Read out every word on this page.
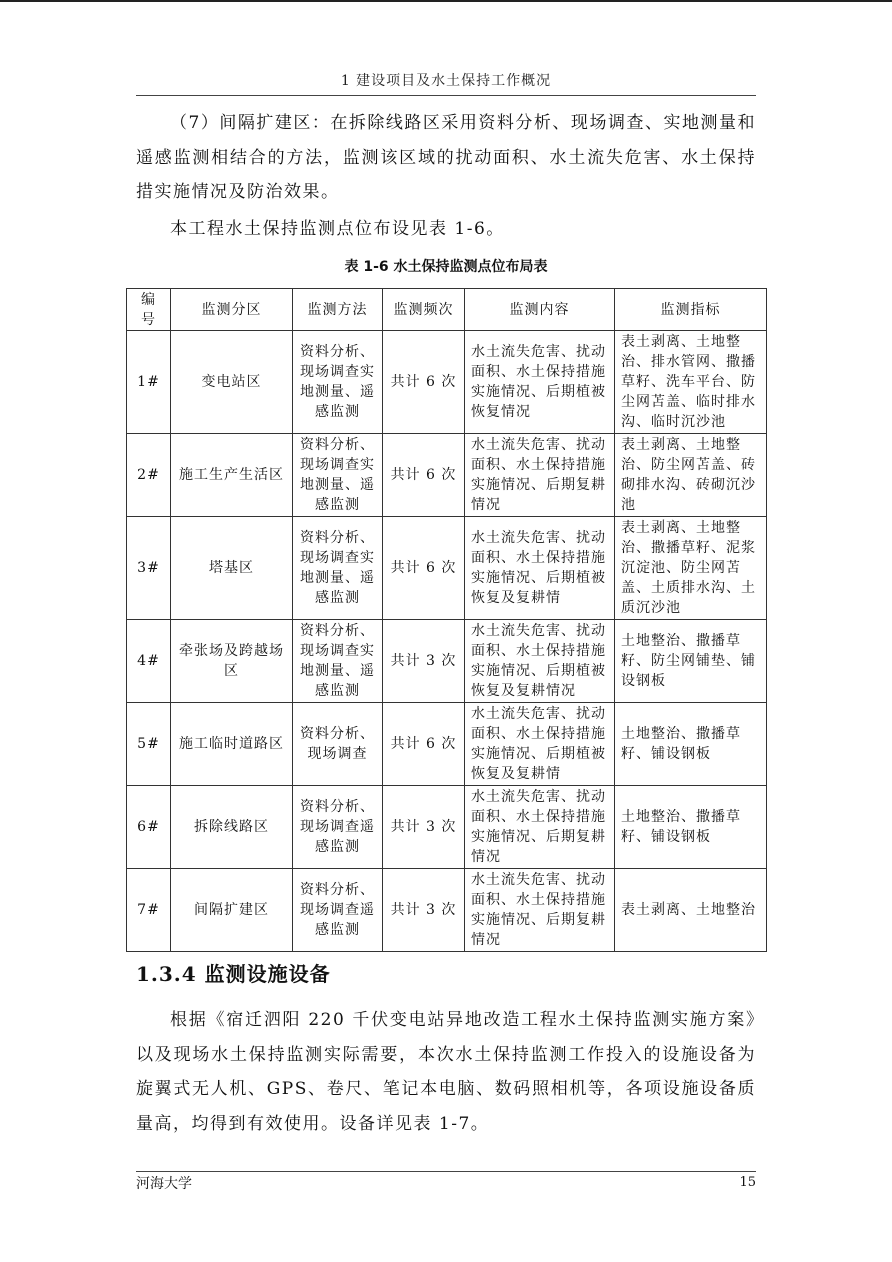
1 建设项目及水土保持工作概况

（7）间隔扩建区：在拆除线路区采用资料分析、现场调查、实地测量和遥感监测相结合的方法，监测该区域的扰动面积、水土流失危害、水土保持措实施情况及防治效果。

本工程水土保持监测点位布设见表 1-6。

表 1-6 水土保持监测点位布局表
编号	监测分区	监测方法	监测频次	监测内容	监测指标
1#	变电站区	资料分析、现场调查实地测量、遥感监测	共计 6 次	水土流失危害、扰动面积、水土保持措施实施情况、后期植被恢复情况	表土剥离、土地整治、排水管网、撒播草籽、洗车平台、防尘网苫盖、临时排水沟、临时沉沙池
2#	施工生产生活区	资料分析、现场调查实地测量、遥感监测	共计 6 次	水土流失危害、扰动面积、水土保持措施实施情况、后期复耕情况	表土剥离、土地整治、防尘网苫盖、砖砌排水沟、砖砌沉沙池
3#	塔基区	资料分析、现场调查实地测量、遥感监测	共计 6 次	水土流失危害、扰动面积、水土保持措施实施情况、后期植被恢复及复耕情	表土剥离、土地整治、撒播草籽、泥浆沉淀池、防尘网苫盖、土质排水沟、土质沉沙池
4#	牵张场及跨越场区	资料分析、现场调查实地测量、遥感监测	共计 3 次	水土流失危害、扰动面积、水土保持措施实施情况、后期植被恢复及复耕情况	土地整治、撒播草籽、防尘网铺垫、铺设钢板
5#	施工临时道路区	资料分析、现场调查	共计 6 次	水土流失危害、扰动面积、水土保持措施实施情况、后期植被恢复及复耕情	土地整治、撒播草籽、铺设钢板
6#	拆除线路区	资料分析、现场调查遥感监测	共计 3 次	水土流失危害、扰动面积、水土保持措施实施情况、后期复耕情况	土地整治、撒播草籽、铺设钢板
7#	间隔扩建区	资料分析、现场调查遥感监测	共计 3 次	水土流失危害、扰动面积、水土保持措施实施情况、后期复耕情况	表土剥离、土地整治
1.3.4 监测设施设备

根据《宿迁泗阳 220 千伏变电站异地改造工程水土保持监测实施方案》以及现场水土保持监测实际需要，本次水土保持监测工作投入的设施设备为旋翼式无人机、GPS、卷尺、笔记本电脑、数码照相机等，各项设施设备质量高，均得到有效使用。设备详见表 1-7。

河海大学	15
